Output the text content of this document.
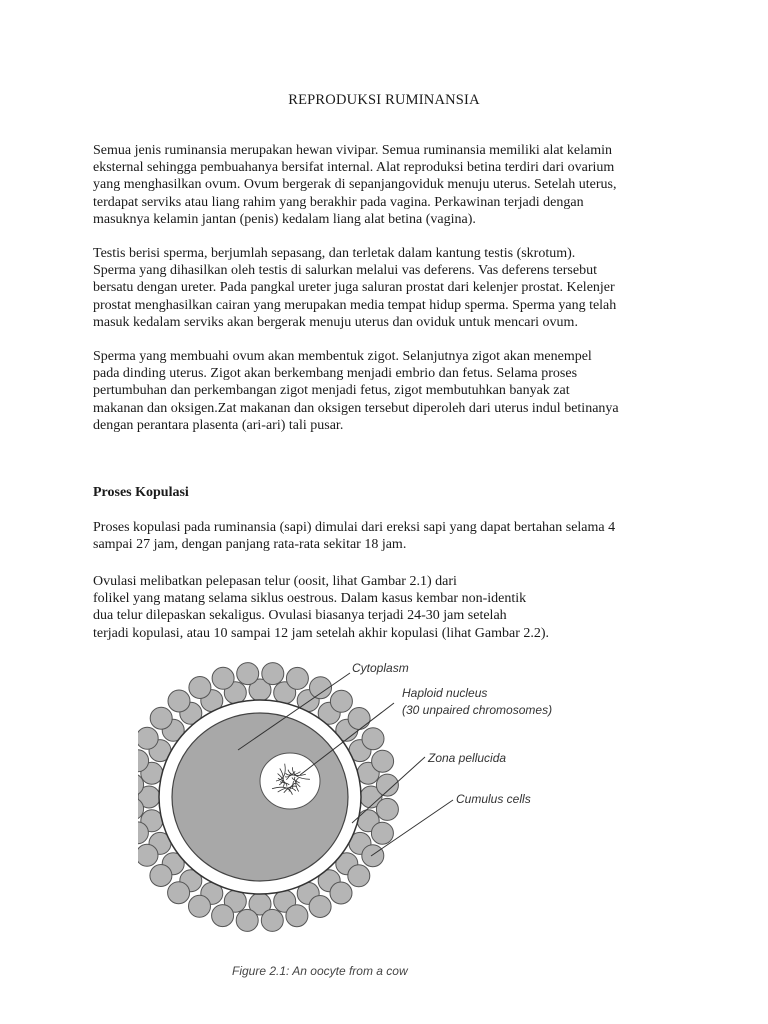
REPRODUKSI RUMINANSIA

Semua jenis ruminansia merupakan hewan vivipar. Semua ruminansia memiliki alat kelamin
eksternal sehingga pembuahanya bersifat internal. Alat reproduksi betina terdiri dari ovarium
yang menghasilkan ovum. Ovum bergerak di sepanjangoviduk menuju uterus. Setelah uterus,
terdapat serviks atau liang rahim yang berakhir pada vagina. Perkawinan terjadi dengan
masuknya kelamin jantan (penis) kedalam liang alat betina (vagina).

Testis berisi sperma, berjumlah sepasang, dan terletak dalam kantung testis (skrotum).
Sperma yang dihasilkan oleh testis di salurkan melalui vas deferens. Vas deferens tersebut
bersatu dengan ureter. Pada pangkal ureter juga saluran prostat dari kelenjer prostat. Kelenjer
prostat menghasilkan cairan yang merupakan media tempat hidup sperma. Sperma yang telah
masuk kedalam serviks akan bergerak menuju uterus dan oviduk untuk mencari ovum.

Sperma yang membuahi ovum akan membentuk zigot. Selanjutnya zigot akan menempel
pada dinding uterus. Zigot akan berkembang menjadi embrio dan fetus. Selama proses
pertumbuhan dan perkembangan zigot menjadi fetus, zigot membutuhkan banyak zat
makanan dan oksigen.Zat makanan dan oksigen tersebut diperoleh dari uterus indul betinanya
dengan perantara plasenta (ari-ari) tali pusar.

Proses Kopulasi

Proses kopulasi pada ruminansia (sapi) dimulai dari ereksi sapi yang dapat bertahan selama 4
sampai 27 jam, dengan panjang rata-rata sekitar 18 jam.

Ovulasi melibatkan pelepasan telur (oosit, lihat Gambar 2.1) dari
folikel yang matang selama siklus oestrous. Dalam kasus kembar non-identik
dua telur dilepaskan sekaligus. Ovulasi biasanya terjadi 24-30 jam setelah
terjadi kopulasi, atau 10 sampai 12 jam setelah akhir kopulasi (lihat Gambar 2.2).

Cytoplasm
Haploid nucleus
(30 unpaired chromosomes)
Zona pellucida
Cumulus cells
Figure 2.1: An oocyte from a cow
